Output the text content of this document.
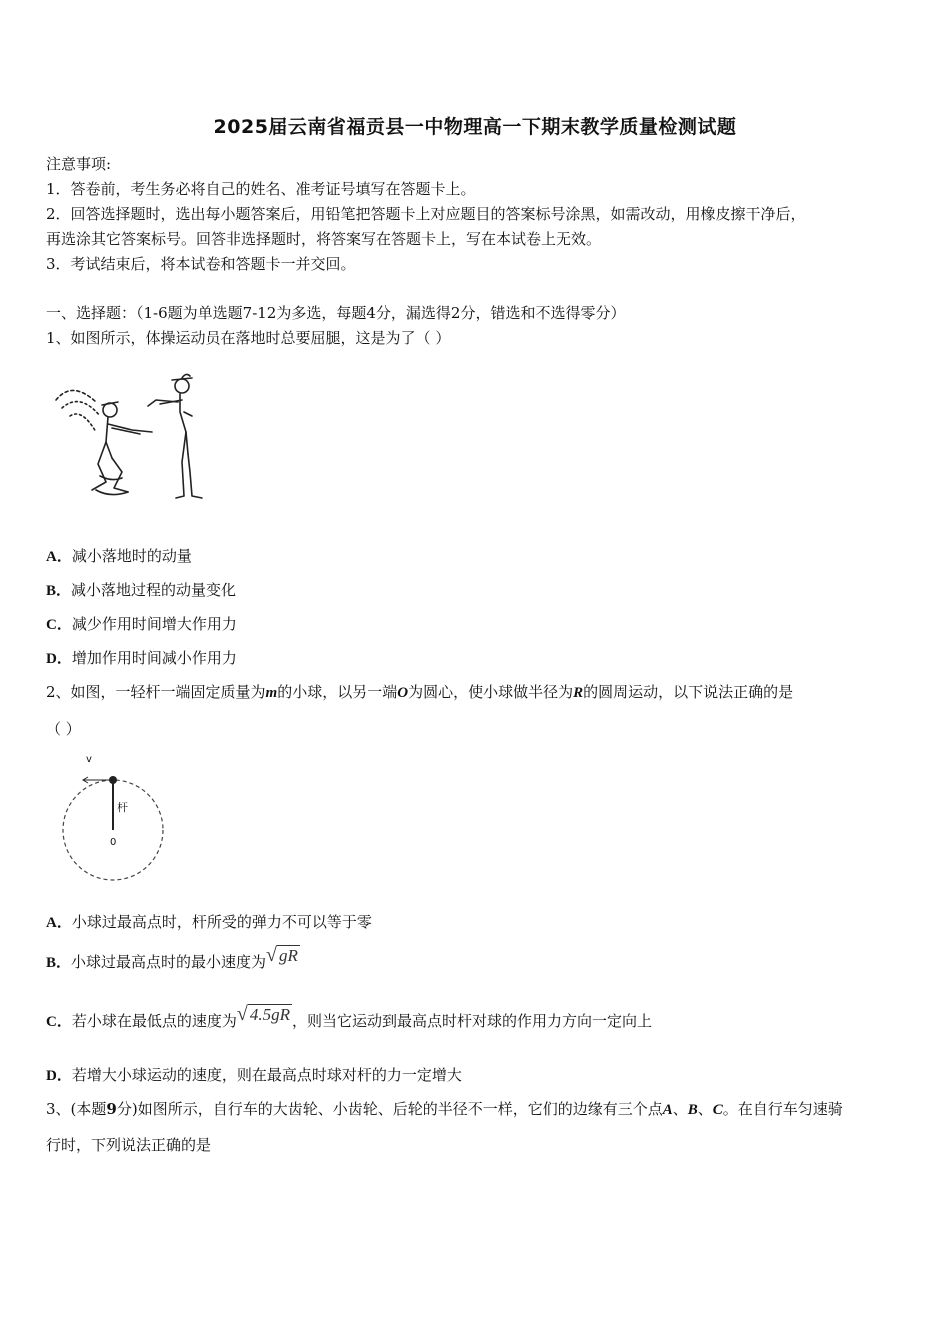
2025届云南省福贡县一中物理高一下期末教学质量检测试题
注意事项:
1．答卷前，考生务必将自己的姓名、准考证号填写在答题卡上。
2．回答选择题时，选出每小题答案后，用铅笔把答题卡上对应题目的答案标号涂黑，如需改动，用橡皮擦干净后，
再选涂其它答案标号。回答非选择题时，将答案写在答题卡上，写在本试卷上无效。
3．考试结束后，将本试卷和答题卡一并交回。
一、选择题：（1-6题为单选题7-12为多选，每题4分，漏选得2分，错选和不选得零分）
1、如图所示，体操运动员在落地时总要屈腿，这是为了（ ）
A．减小落地时的动量
B．减小落地过程的动量变化
C．减少作用时间增大作用力
D．增加作用时间减小作用力
2、如图，一轻杆一端固定质量为m的小球，以另一端O为圆心，使小球做半径为R的圆周运动，以下说法正确的是
（ ）
v
杆
0
A．小球过最高点时，杆所受的弹力不可以等于零
B．小球过最高点时的最小速度为√ gR
C．若小球在最低点的速度为√ 4.5gR ，则当它运动到最高点时杆对球的作用力方向一定向上
D．若增大小球运动的速度，则在最高点时球对杆的力一定增大
3、(本题9分)如图所示，自行车的大齿轮、小齿轮、后轮的半径不一样，它们的边缘有三个点A、B、C。在自行车匀速骑
行时，下列说法正确的是
